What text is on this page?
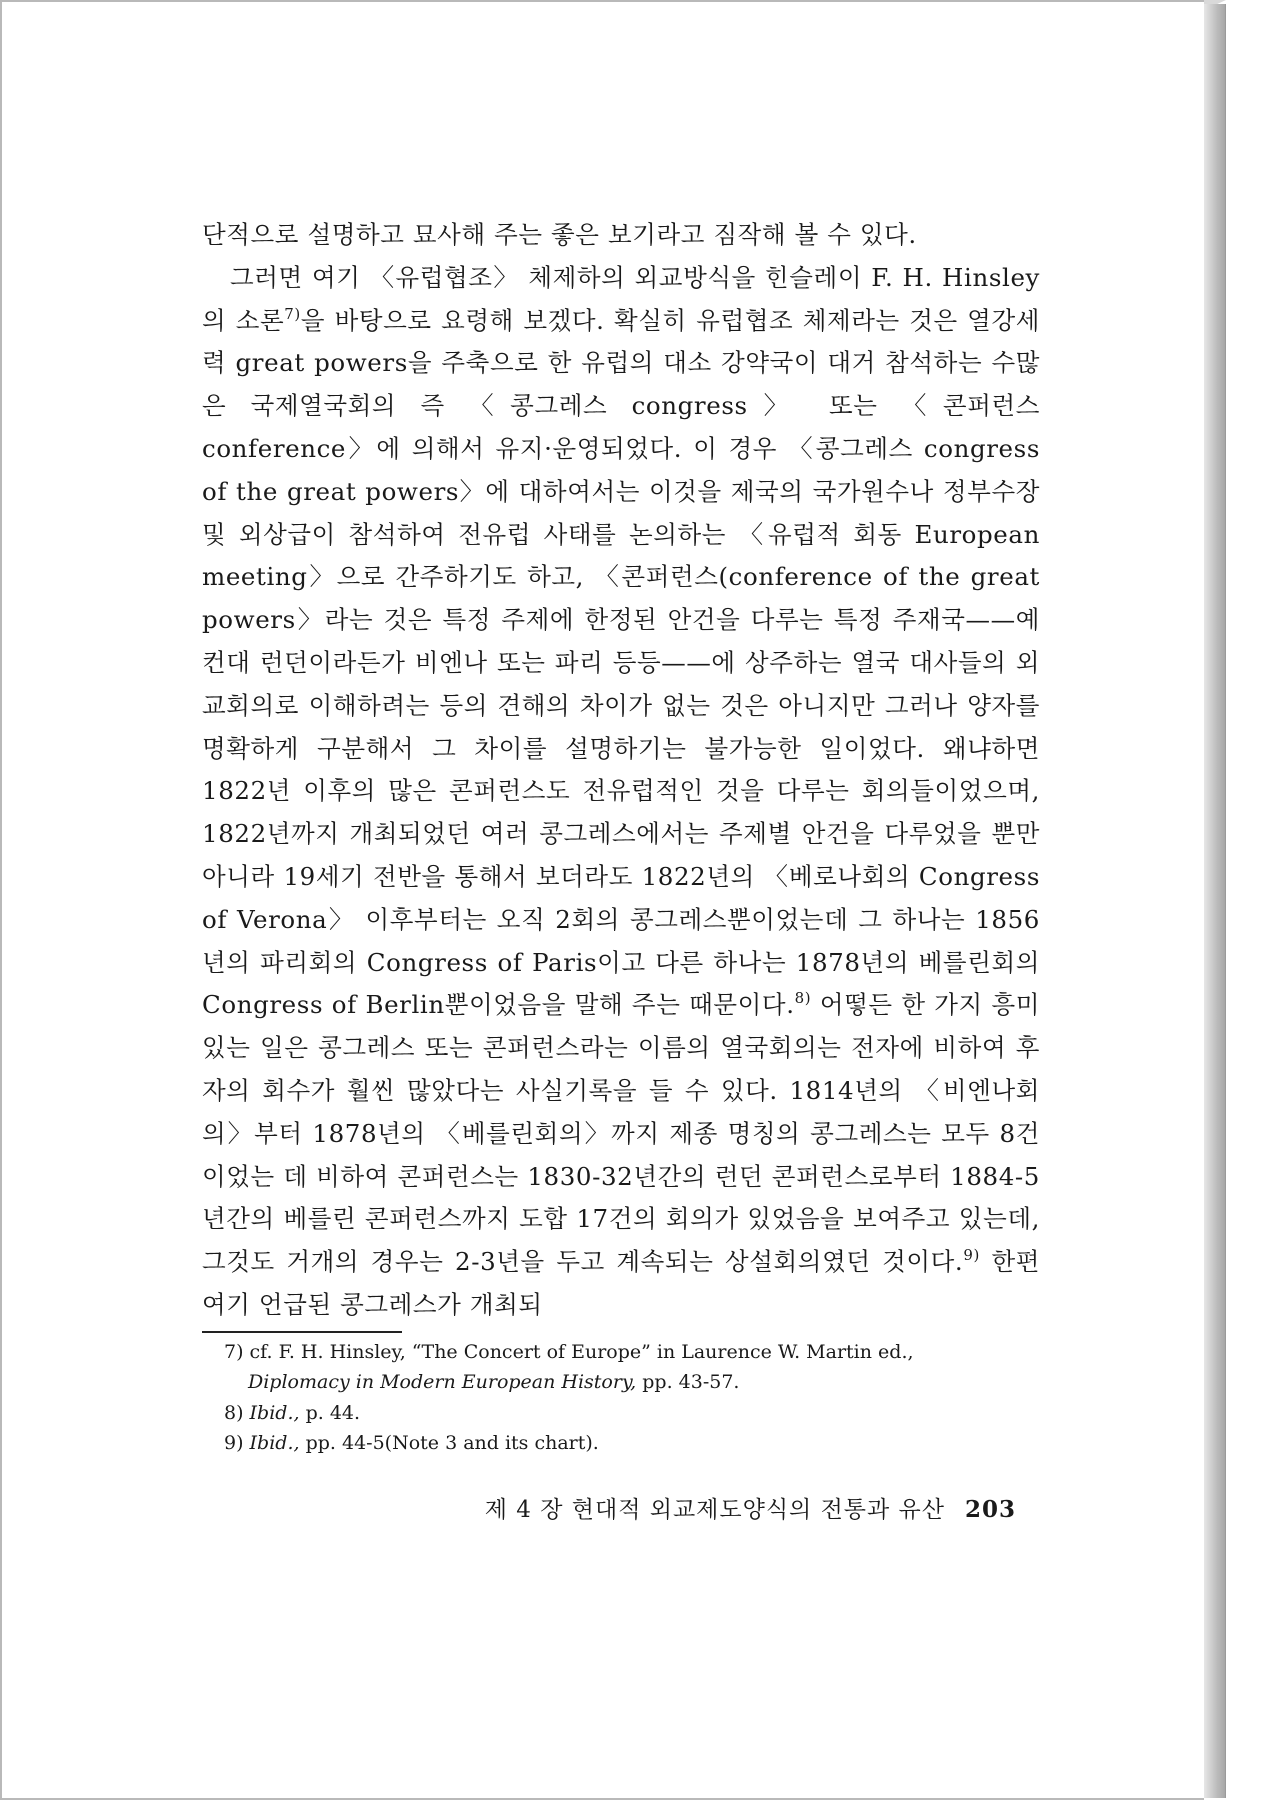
단적으로 설명하고 묘사해 주는 좋은 보기라고 짐작해 볼 수 있다.

그러면 여기 〈유럽협조〉 체제하의 외교방식을 힌슬레이 F. H. Hinsley의 소론$^{7)}$을 바탕으로 요령해 보겠다. 확실히 유럽협조 체제라는 것은 열강세력 great powers을 주축으로 한 유럽의 대소 강약국이 대거 참석하는 수많은 국제열국회의 즉 〈콩그레스 congress〉 또는 〈콘퍼런스 conference〉에 의해서 유지·운영되었다. 이 경우 〈콩그레스 congress of the great powers〉에 대하여서는 이것을 제국의 국가원수나 정부수장 및 외상급이 참석하여 전유럽 사태를 논의하는 〈유럽적 회동 European meeting〉으로 간주하기도 하고, 〈콘퍼런스(conference of the great powers〉라는 것은 특정 주제에 한정된 안건을 다루는 특정 주재국——예컨대 런던이라든가 비엔나 또는 파리 등등——에 상주하는 열국 대사들의 외교회의로 이해하려는 등의 견해의 차이가 없는 것은 아니지만 그러나 양자를 명확하게 구분해서 그 차이를 설명하기는 불가능한 일이었다. 왜냐하면 1822년 이후의 많은 콘퍼런스도 전유럽적인 것을 다루는 회의들이었으며, 1822년까지 개최되었던 여러 콩그레스에서는 주제별 안건을 다루었을 뿐만 아니라 19세기 전반을 통해서 보더라도 1822년의 〈베로나회의 Congress of Verona〉 이후부터는 오직 2회의 콩그레스뿐이었는데 그 하나는 1856년의 파리회의 Congress of Paris이고 다른 하나는 1878년의 베를린회의 Congress of Berlin뿐이었음을 말해 주는 때문이다.$^{8)}$ 어떻든 한 가지 흥미있는 일은 콩그레스 또는 콘퍼런스라는 이름의 열국회의는 전자에 비하여 후자의 회수가 훨씬 많았다는 사실기록을 들 수 있다. 1814년의 〈비엔나회의〉부터 1878년의 〈베를린회의〉까지 제종 명칭의 콩그레스는 모두 8건이었는 데 비하여 콘퍼런스는 1830-32년간의 런던 콘퍼런스로부터 1884-5년간의 베를린 콘퍼런스까지 도합 17건의 회의가 있었음을 보여주고 있는데, 그것도 거개의 경우는 2-3년을 두고 계속되는 상설회의였던 것이다.$^{9)}$ 한편 여기 언급된 콩그레스가 개최되

7) cf. F. H. Hinsley, “The Concert of Europe” in Laurence W. Martin ed.,

Diplomacy in Modern European History, pp. 43-57.

8) Ibid., p. 44.

9) Ibid., pp. 44-5(Note 3 and its chart).

제 4 장 현대적 외교제도양식의 전통과 유산 203
